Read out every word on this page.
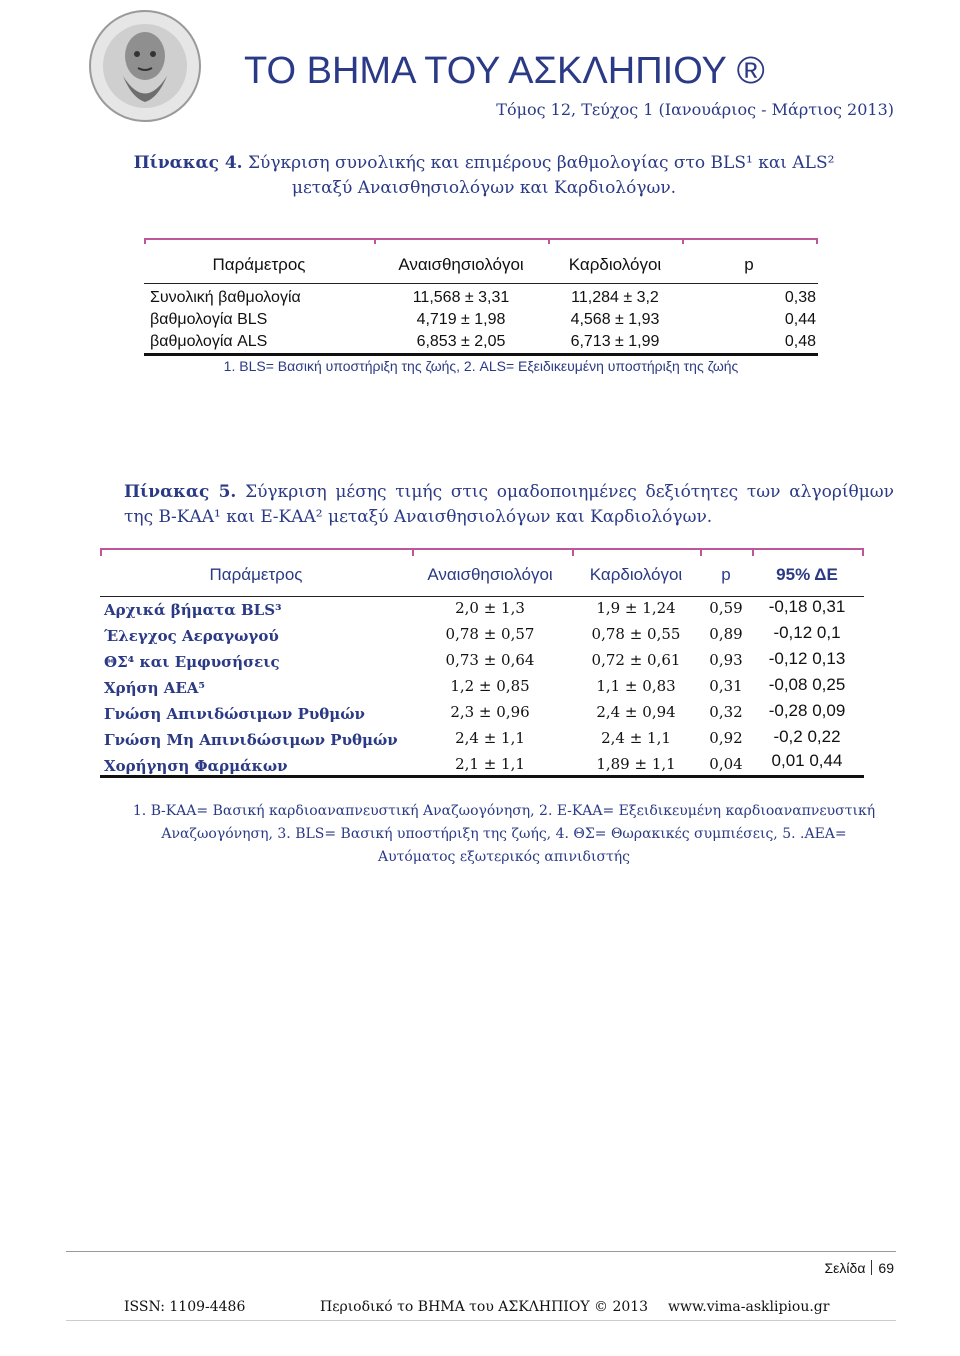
ΤΟ ΒΗΜΑ ΤΟΥ ΑΣΚΛΗΠΙΟΥ ®
Τόμος 12, Τεύχος 1 (Ιανουάριος - Μάρτιος 2013)
Πίνακας 4. Σύγκριση συνολικής και επιμέρους βαθμολογίας στο BLS¹ και ALS² μεταξύ Αναισθησιολόγων και Καρδιολόγων.
Παράμετρος	Αναισθησιολόγοι	Καρδιολόγοι	p
Συνολική βαθμολογία	11,568 ± 3,31	11,284 ± 3,2	0,38
βαθμολογία BLS	4,719 ± 1,98	4,568 ± 1,93	0,44
βαθμολογία ALS	6,853 ± 2,05	6,713 ± 1,99	0,48
1. BLS= Βασική υποστήριξη της ζωής, 2. ALS= Εξειδικευμένη υποστήριξη της ζωής
Πίνακας 5. Σύγκριση μέσης τιμής στις ομαδοποιημένες δεξιότητες των αλγορίθμων της Β-ΚΑΑ¹ και Ε-ΚΑΑ² μεταξύ Αναισθησιολόγων και Καρδιολόγων.
Παράμετρος	Αναισθησιολόγοι	Καρδιολόγοι	p	95% ΔΕ
Αρχικά βήματα BLS³	2,0 ± 1,3	1,9 ± 1,24	0,59	-0,18 0,31
Έλεγχος Αεραγωγού	0,78 ± 0,57	0,78 ± 0,55	0,89	-0,12 0,1
ΘΣ⁴ και Εμφυσήσεις	0,73 ± 0,64	0,72 ± 0,61	0,93	-0,12 0,13
Χρήση ΑΕΑ⁵	1,2 ± 0,85	1,1 ± 0,83	0,31	-0,08 0,25
Γνώση Απινιδώσιμων Ρυθμών	2,3 ± 0,96	2,4 ± 0,94	0,32	-0,28 0,09
Γνώση Μη Απινιδώσιμων Ρυθμών	2,4 ± 1,1	2,4 ± 1,1	0,92	-0,2 0,22
Χορήγηση Φαρμάκων	2,1 ± 1,1	1,89 ± 1,1	0,04	0,01 0,44
1. Β-ΚΑΑ= Βασική καρδιοαναπνευστική Αναζωογόνηση, 2. Ε-ΚΑΑ= Εξειδικευμένη καρδιοαναπνευστική Αναζωογόνηση, 3. BLS= Βασική υποστήριξη της ζωής, 4. ΘΣ= Θωρακικές συμπιέσεις, 5. .ΑΕΑ= Αυτόματος εξωτερικός απινιδιστής
Σελίδα 69
ISSN: 1109-4486	Περιοδικό το ΒΗΜΑ του ΑΣΚΛΗΠΙΟΥ © 2013 www.vima-asklipiou.gr
